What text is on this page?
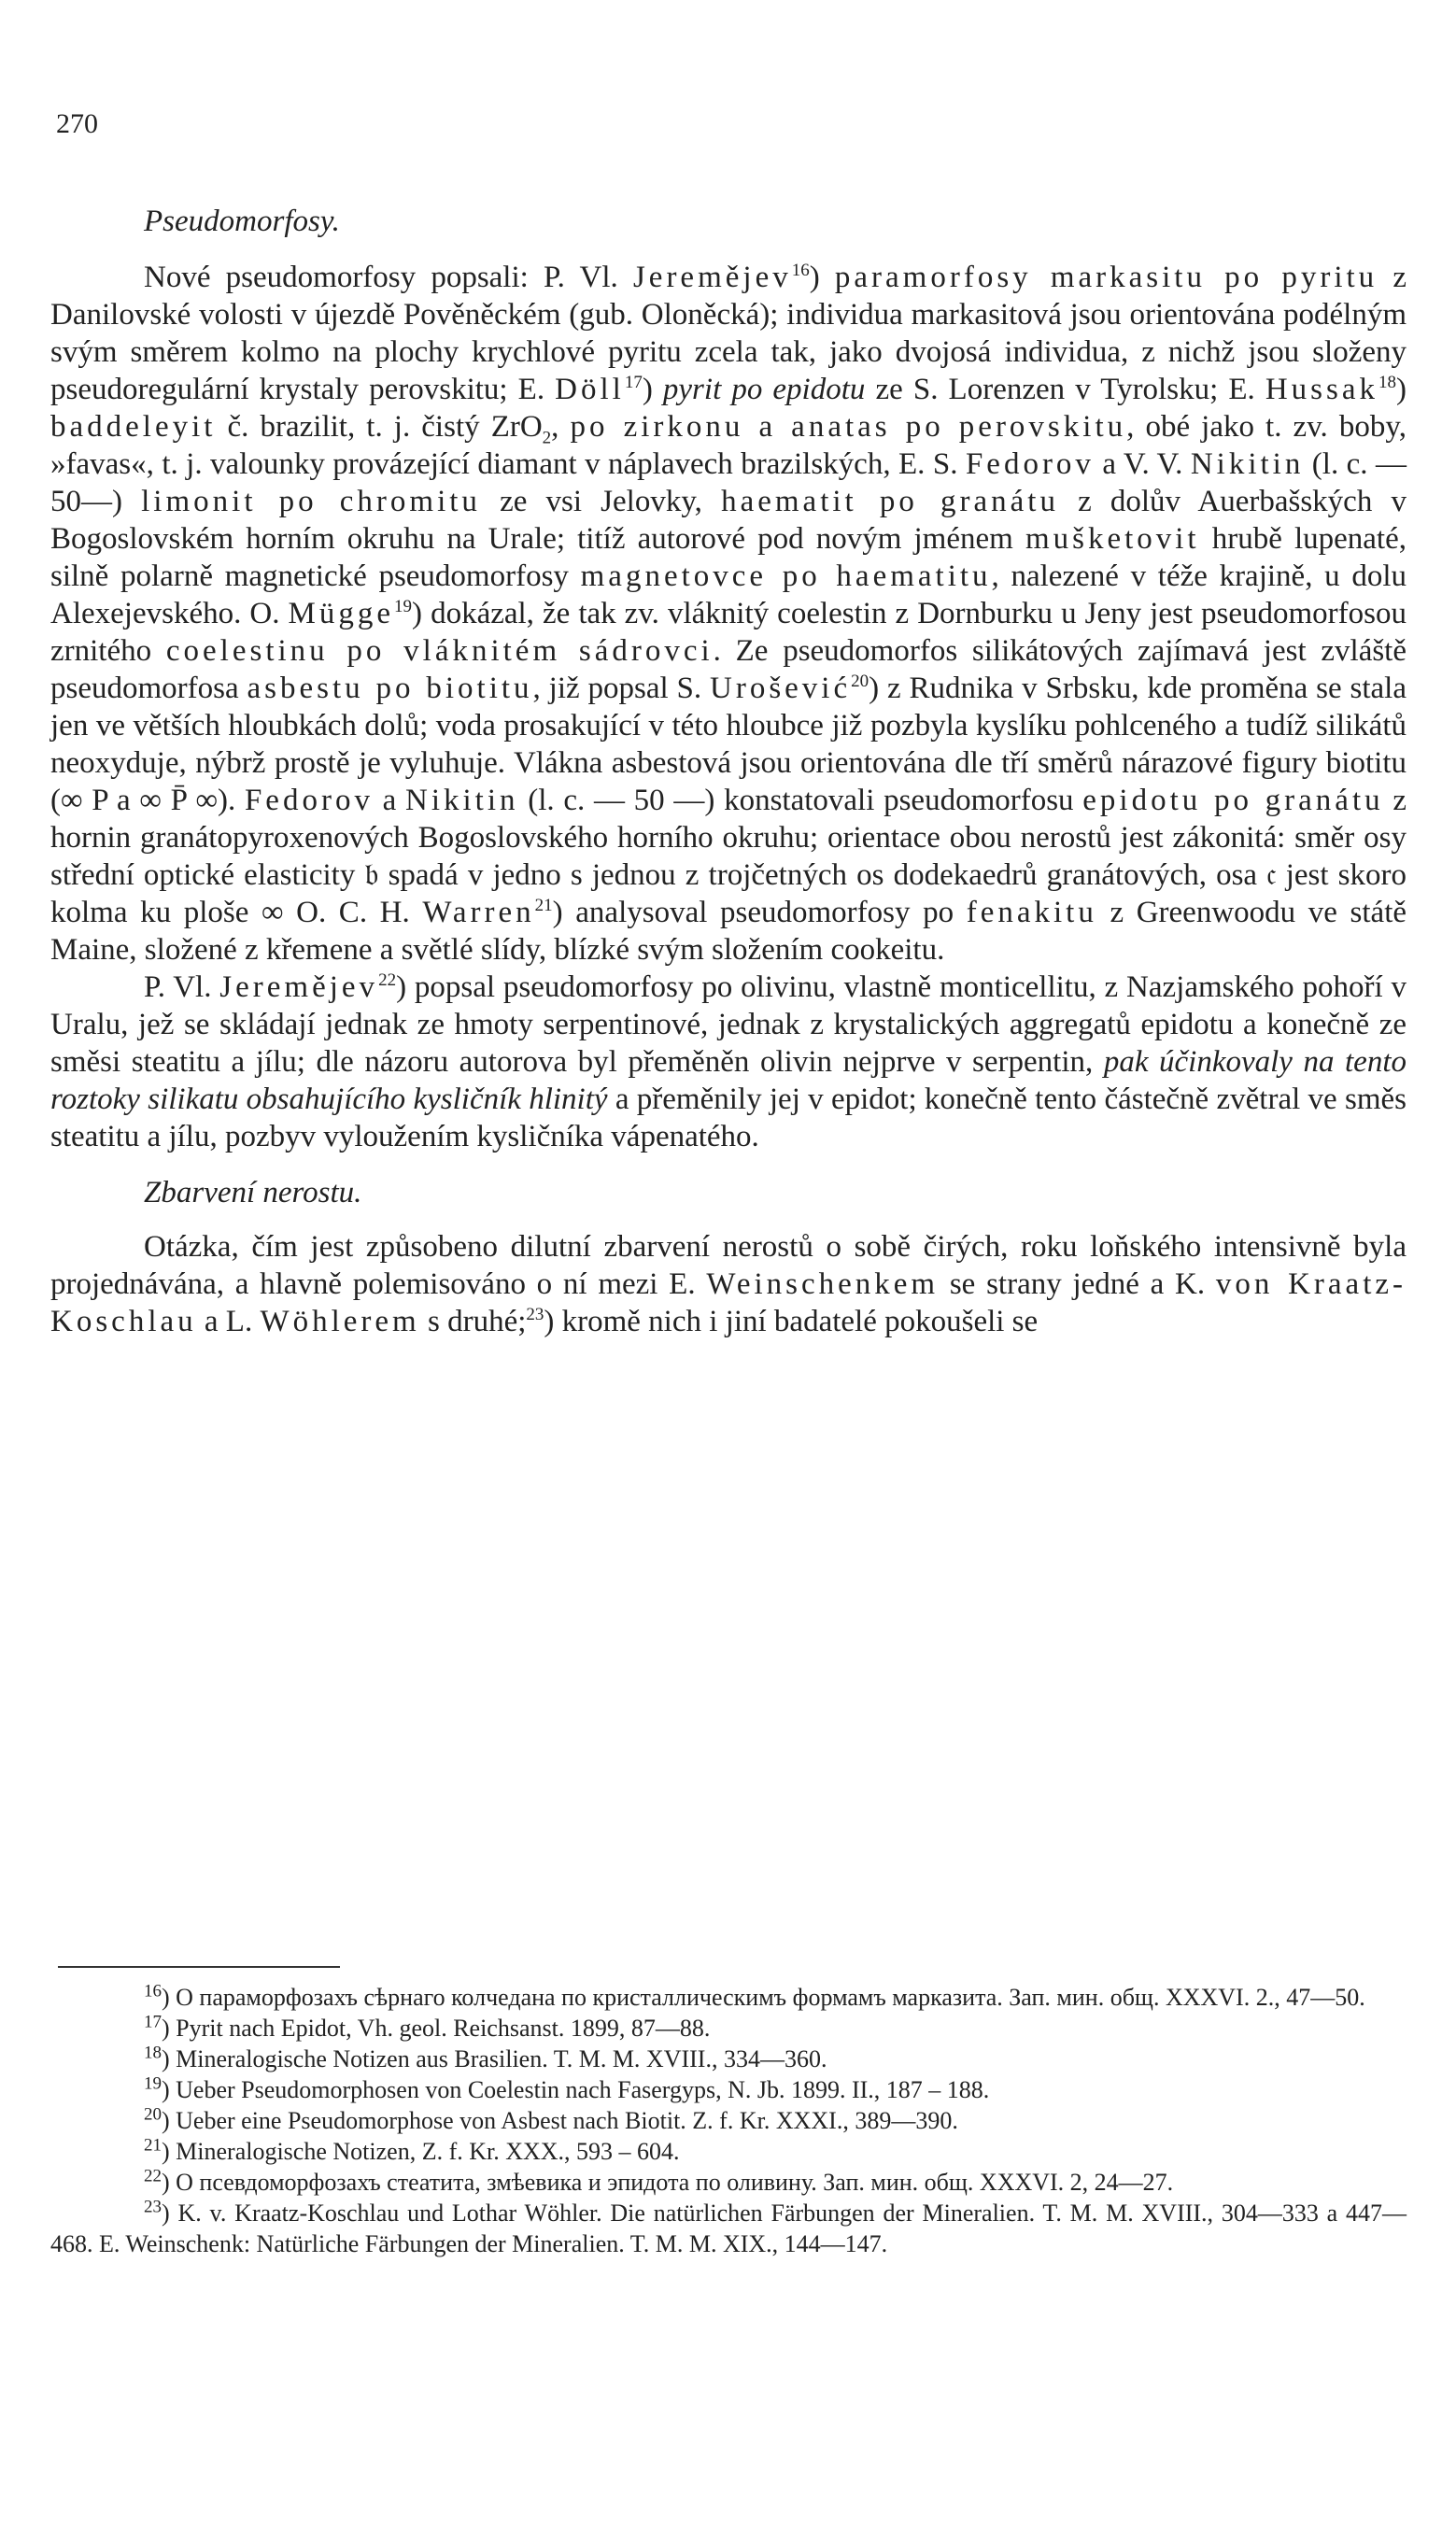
270

Pseudomorfosy.

Nové pseudomorfosy popsali: P. Vl. Jeremějev$^{16}$) paramorfosy markasitu po pyritu z Danilovské volosti v újezdě Pověněckém (gub. Oloněcká); individua markasitová jsou orientována podélným svým směrem kolmo na plochy krychlové pyritu zcela tak, jako dvojosá individua, z nichž jsou složeny pseudoregulární krystaly perovskitu; E. Döll$^{17}$) pyrit po epidotu ze S. Lorenzen v Tyrolsku; E. Hussak$^{18}$) baddeleyit č. brazilit, t. j. čistý ZrO$_2$, po zirkonu a anatas po perovskitu, obé jako t. zv. boby, »favas«, t. j. valounky provázející diamant v náplavech brazilských, E. S. Fedorov a V. V. Nikitin (l. c. —50—) limonit po chromitu ze vsi Jelovky, haematit po granátu z dolův Auerbašských v Bogoslovském horním okruhu na Urale; titíž autorové pod novým jménem mušketovit hrubě lupenaté, silně polarně magnetické pseudomorfosy magnetovce po haematitu, nalezené v téže krajině, u dolu Alexejevského. O. Mügge$^{19}$) dokázal, že tak zv. vláknitý coelestin z Dornburku u Jeny jest pseudomorfosou zrnitého coelestinu po vláknitém sádrovci. Ze pseudomorfos silikátových zajímavá jest zvláště pseudomorfosa asbestu po biotitu, již popsal S. Urošević$^{20}$) z Rudnika v Srbsku, kde proměna se stala jen ve větších hloubkách dolů; voda prosakující v této hloubce již pozbyla kyslíku pohlceného a tudíž silikátů neoxyduje, nýbrž prostě je vyluhuje. Vlákna asbestová jsou orientována dle tří směrů nárazové figury biotitu (∞ P a ∞ P̄ ∞). Fedorov a Nikitin (l. c. — 50 —) konstatovali pseudomorfosu epidotu po granátu z hornin granátopyroxenových Bogoslovského horního okruhu; orientace obou nerostů jest zákonitá: směr osy střední optické elasticity 𝔟 spadá v jedno s jednou z trojčetných os dodekaedrů granátových, osa 𝔠 jest skoro kolma ku ploše ∞ O. C. H. Warren$^{21}$) analysoval pseudomorfosy po fenakitu z Greenwoodu ve státě Maine, složené z křemene a světlé slídy, blízké svým složením cookeitu.

P. Vl. Jeremějev$^{22}$) popsal pseudomorfosy po olivinu, vlastně monticellitu, z Nazjamského pohoří v Uralu, jež se skládají jednak ze hmoty serpentinové, jednak z krystalických aggregatů epidotu a konečně ze směsi steatitu a jílu; dle názoru autorova byl přeměněn olivin nejprve v serpentin, pak účinkovaly na tento roztoky silikatu obsahujícího kysličník hlinitý a přeměnily jej v epidot; konečně tento částečně zvětral ve směs steatitu a jílu, pozbyv vyloužením kysličníka vápenatého.

Zbarvení nerostu.

Otázka, čím jest způsobeno dilutní zbarvení nerostů o sobě čirých, roku loňského intensivně byla projednávána, a hlavně polemisováno o ní mezi E. Weinschenkem se strany jedné a K. von Kraatz-Koschlau a L. Wöhlerem s druhé;$^{23}$) kromě nich i jiní badatelé pokoušeli se

$^{16}$) О параморфозахъ сѣрнаго колчедана по кристаллическимъ формамъ марказита. Зап. мин. общ. XXXVI. 2., 47—50.

$^{17}$) Pyrit nach Epidot, Vh. geol. Reichsanst. 1899, 87—88.

$^{18}$) Mineralogische Notizen aus Brasilien. T. M. M. XVIII., 334—360.

$^{19}$) Ueber Pseudomorphosen von Coelestin nach Fasergyps, N. Jb. 1899. II., 187 – 188.

$^{20}$) Ueber eine Pseudomorphose von Asbest nach Biotit. Z. f. Kr. XXXI., 389—390.

$^{21}$) Mineralogische Notizen, Z. f. Kr. XXX., 593 – 604.

$^{22}$) О псевдоморфозахъ стеатита, змѣевика и эпидота по оливину. Зап. мин. общ. XXXVI. 2, 24—27.

$^{23}$) K. v. Kraatz-Koschlau und Lothar Wöhler. Die natürlichen Färbungen der Mineralien. T. M. M. XVIII., 304—333 a 447—468. E. Weinschenk: Natürliche Färbungen der Mineralien. T. M. M. XIX., 144—147.
